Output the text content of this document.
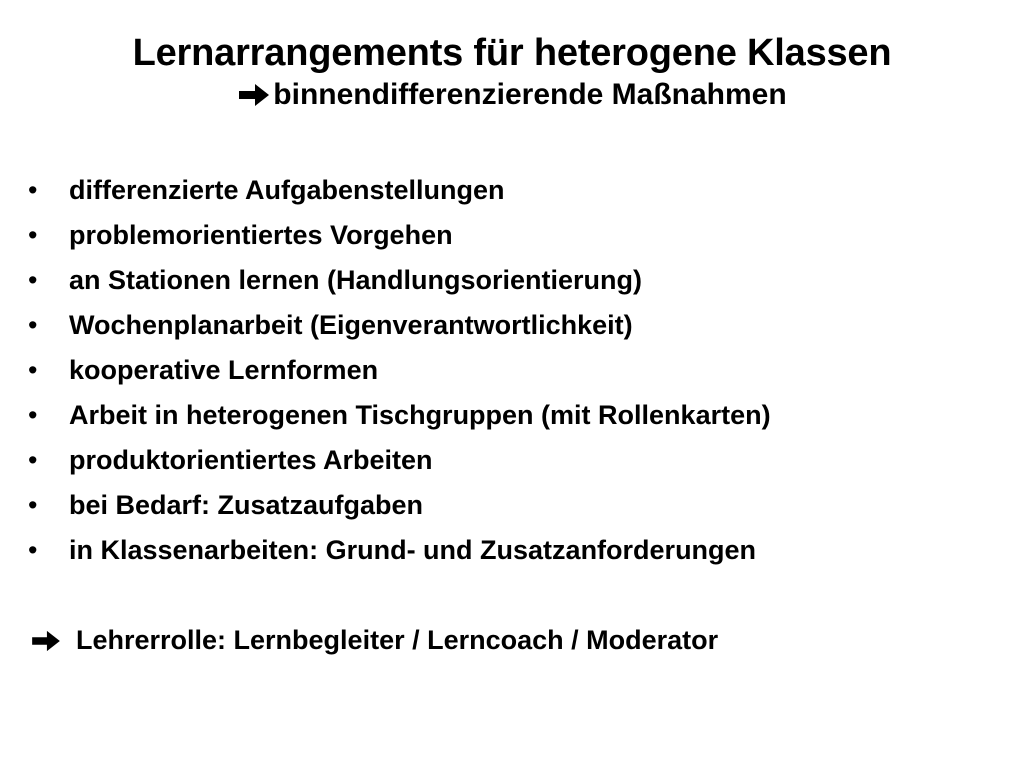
Lernarrangements für heterogene Klassen
binnendifferenzierende Maßnahmen
•
differenzierte Aufgabenstellungen
•
problemorientiertes Vorgehen
•
an Stationen lernen (Handlungsorientierung)
•
Wochenplanarbeit (Eigenverantwortlichkeit)
•
kooperative Lernformen
•
Arbeit in heterogenen Tischgruppen (mit Rollenkarten)
•
produktorientiertes Arbeiten
•
bei Bedarf: Zusatzaufgaben
•
in Klassenarbeiten: Grund- und Zusatzanforderungen
Lehrerrolle: Lernbegleiter / Lerncoach / Moderator
